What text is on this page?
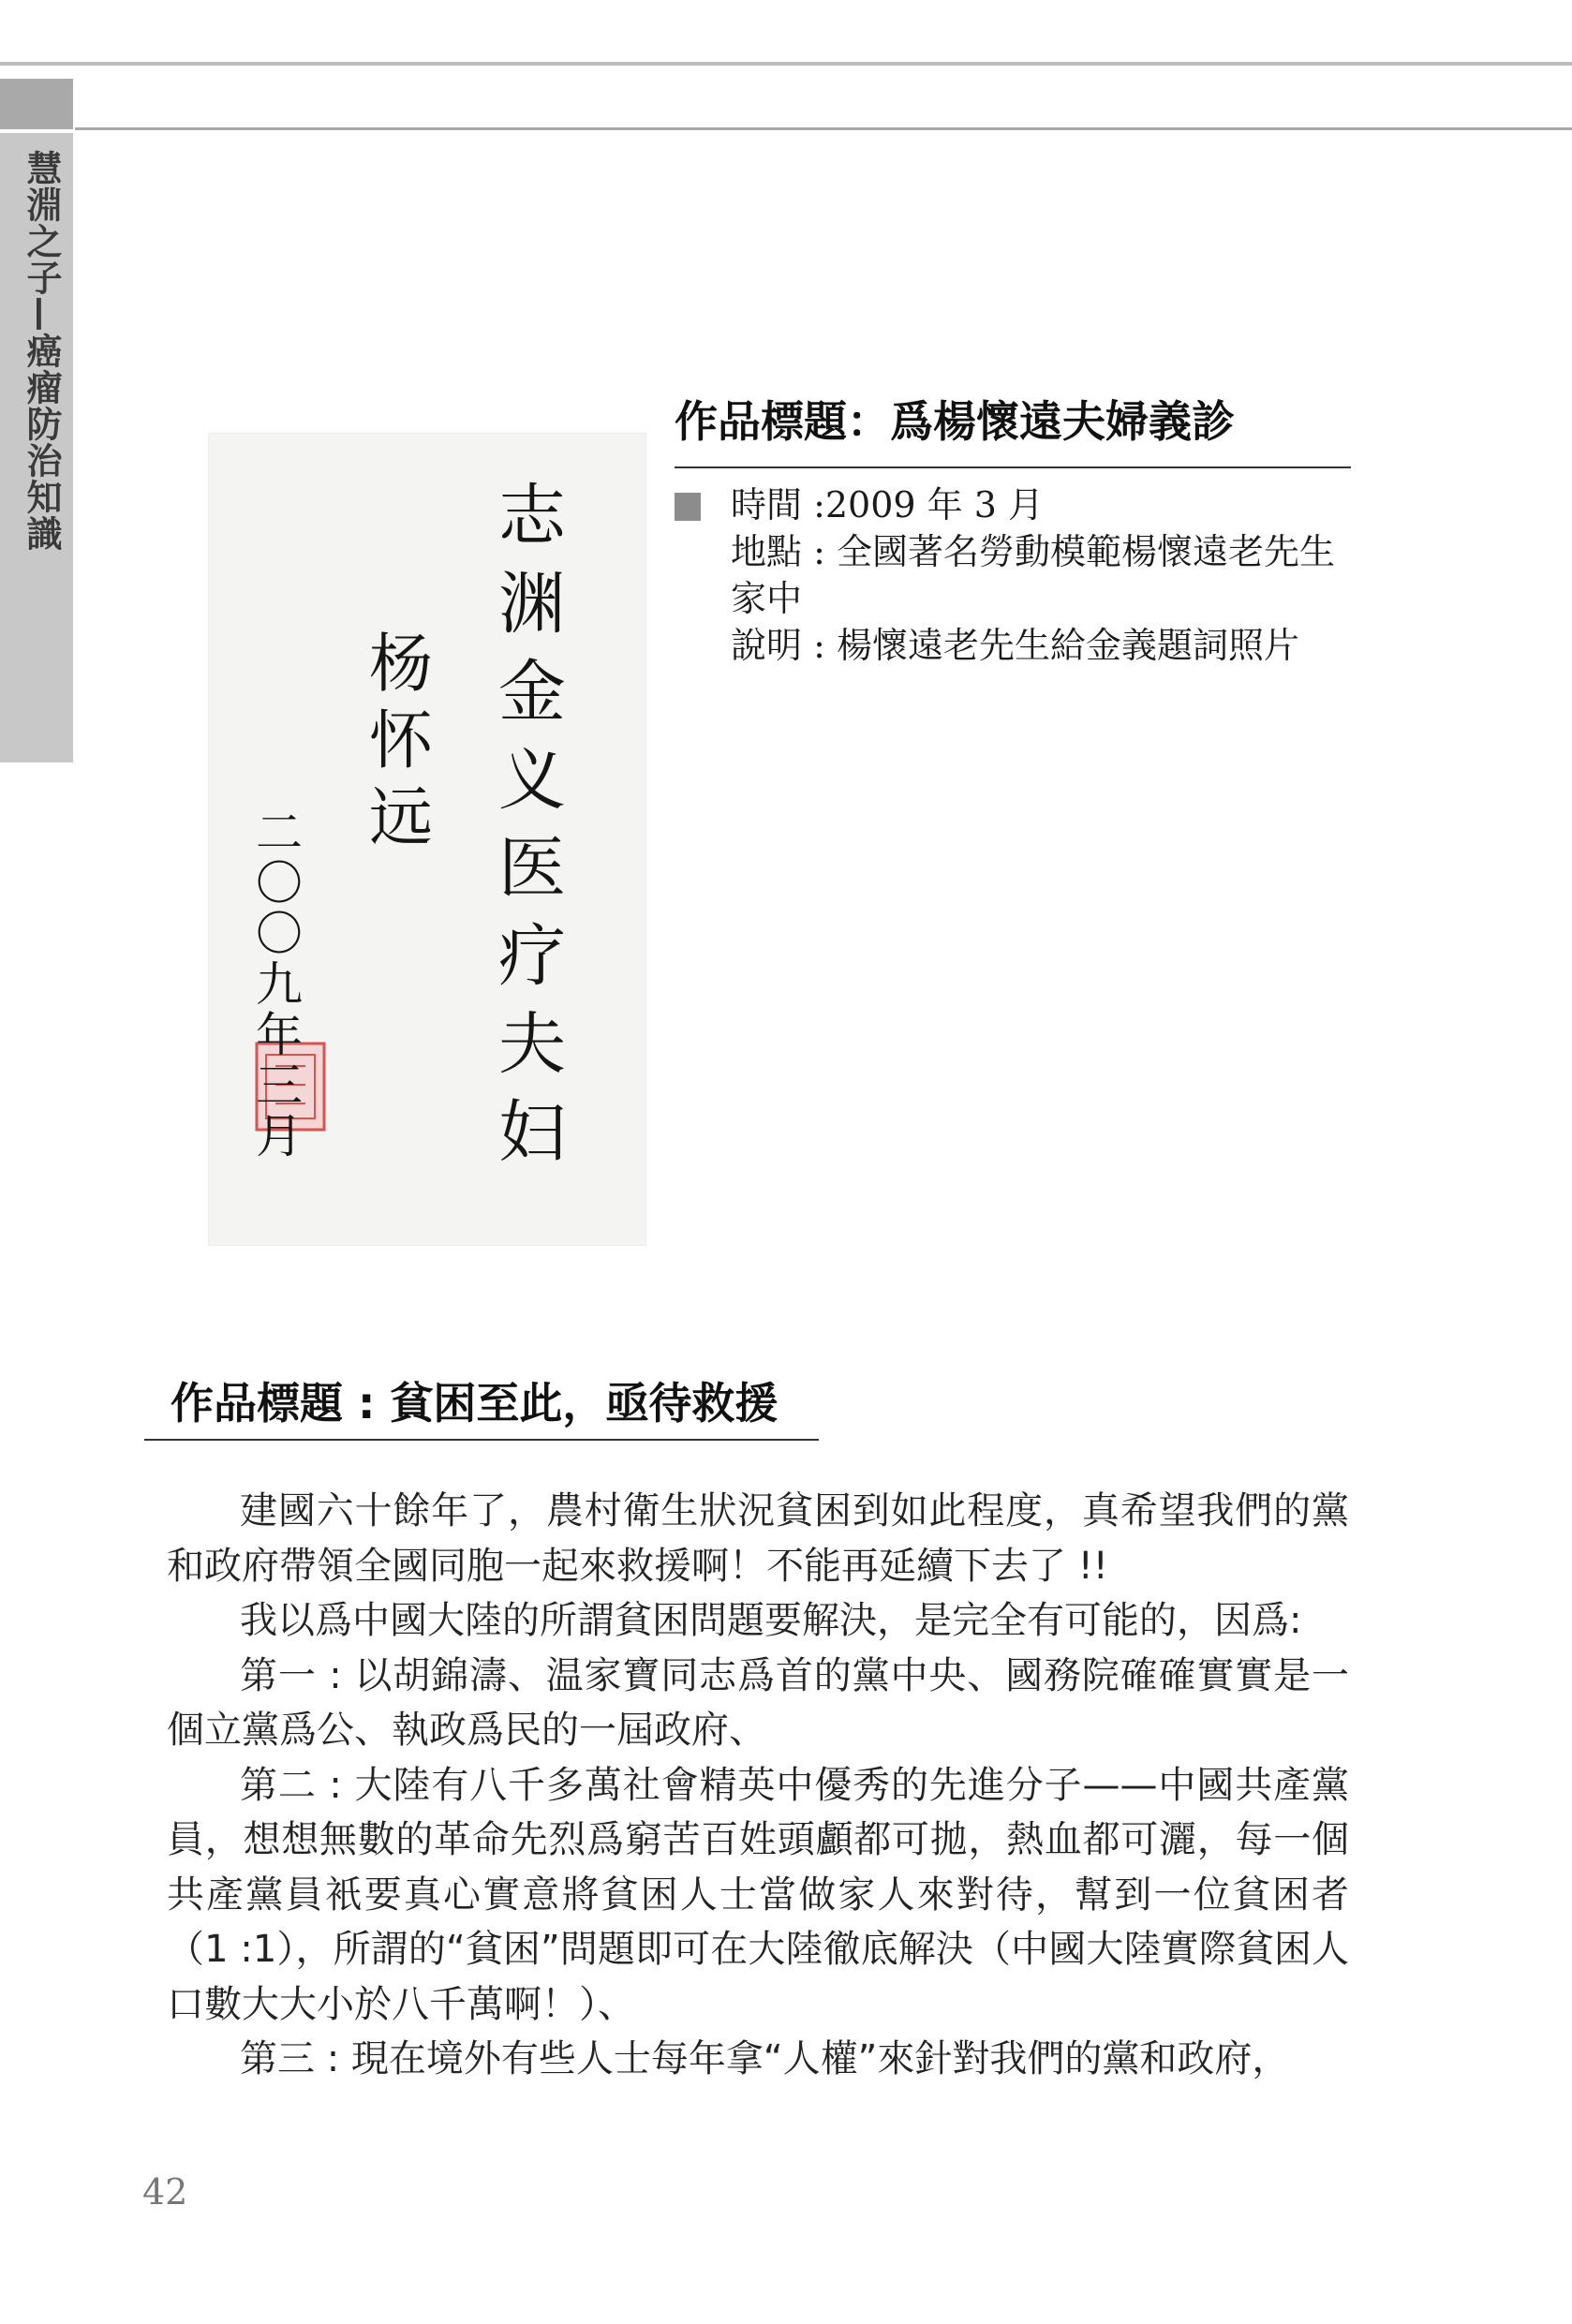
慧淵之子—癌瘤防治知識
志渊金义医疗夫妇
杨怀远
二〇〇九年三月
作品標題：爲楊懷遠夫婦義診
時間 :2009 年 3 月
地點 : 全國著名勞動模範楊懷遠老先生家中
說明 : 楊懷遠老先生給金義題詞照片
作品標題 : 貧困至此，亟待救援

建國六十餘年了，農村衛生狀況貧困到如此程度，真希望我們的黨和政府帶領全國同胞一起來救援啊！不能再延續下去了 !!

我以爲中國大陸的所謂貧困問題要解決，是完全有可能的，因爲:

第一 : 以胡錦濤、温家寶同志爲首的黨中央、國務院確確實實是一個立黨爲公、執政爲民的一屆政府、

第二 : 大陸有八千多萬社會精英中優秀的先進分子——中國共產黨員，想想無數的革命先烈爲窮苦百姓頭顱都可拋，熱血都可灑，每一個共產黨員衹要真心實意將貧困人士當做家人來對待，幫到一位貧困者（1 :1），所謂的“貧困”問題即可在大陸徹底解決（中國大陸實際貧困人口數大大小於八千萬啊！）、

第三 : 現在境外有些人士每年拿“人權”來針對我們的黨和政府，

42
